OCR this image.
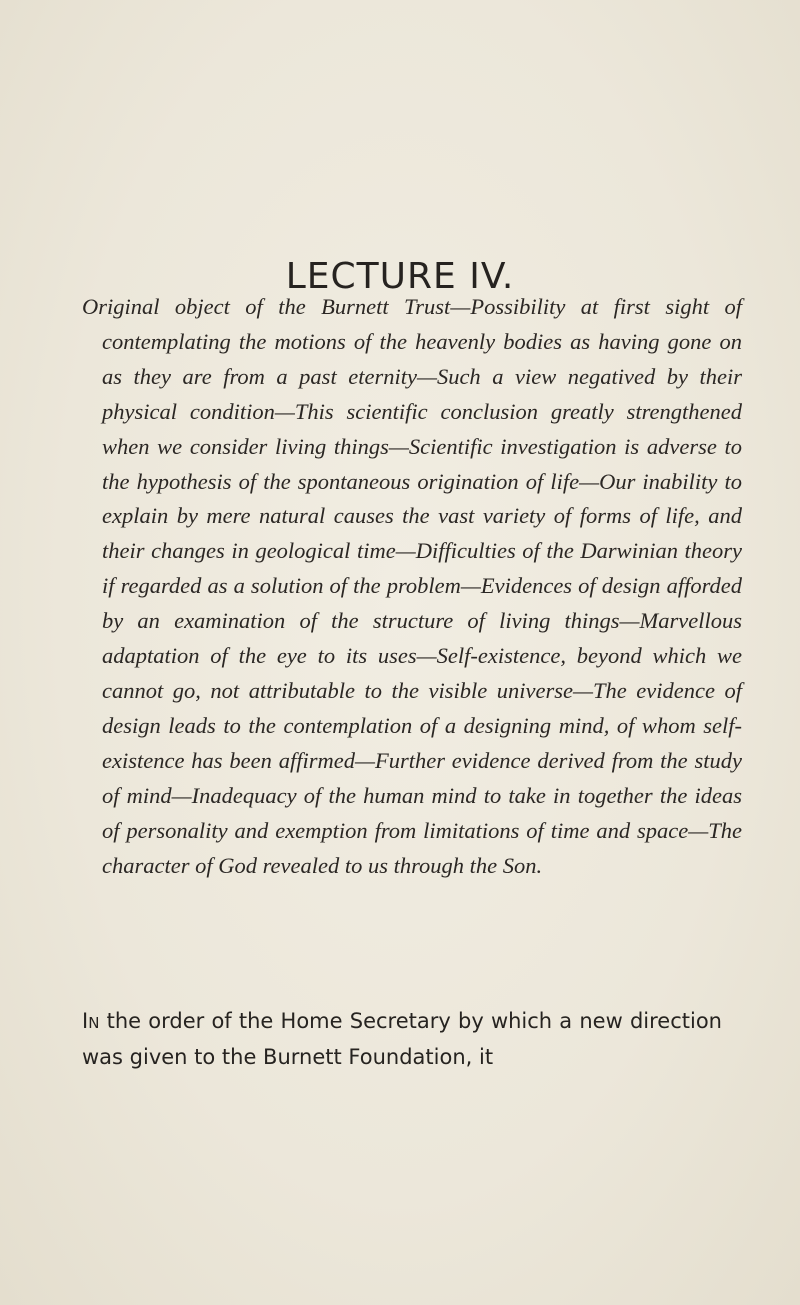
LECTURE IV.

Original object of the Burnett Trust—Possibility at first sight of contemplating the motions of the heavenly bodies as having gone on as they are from a past eternity—Such a view negatived by their physical condition—This scientific conclusion greatly strengthened when we consider living things—Scientific investigation is adverse to the hypothesis of the spontaneous origination of life—Our inability to explain by mere natural causes the vast variety of forms of life, and their changes in geological time—Difficulties of the Darwinian theory if regarded as a solution of the problem—Evidences of design afforded by an examination of the structure of living things—Marvellous adaptation of the eye to its uses—Self-existence, beyond which we cannot go, not attributable to the visible universe—The evidence of design leads to the contemplation of a designing mind, of whom self-existence has been affirmed—Further evidence derived from the study of mind—Inadequacy of the human mind to take in together the ideas of personality and exemption from limitations of time and space—The character of God revealed to us through the Son.

In the order of the Home Secretary by which a new direction was given to the Burnett Foundation, it
